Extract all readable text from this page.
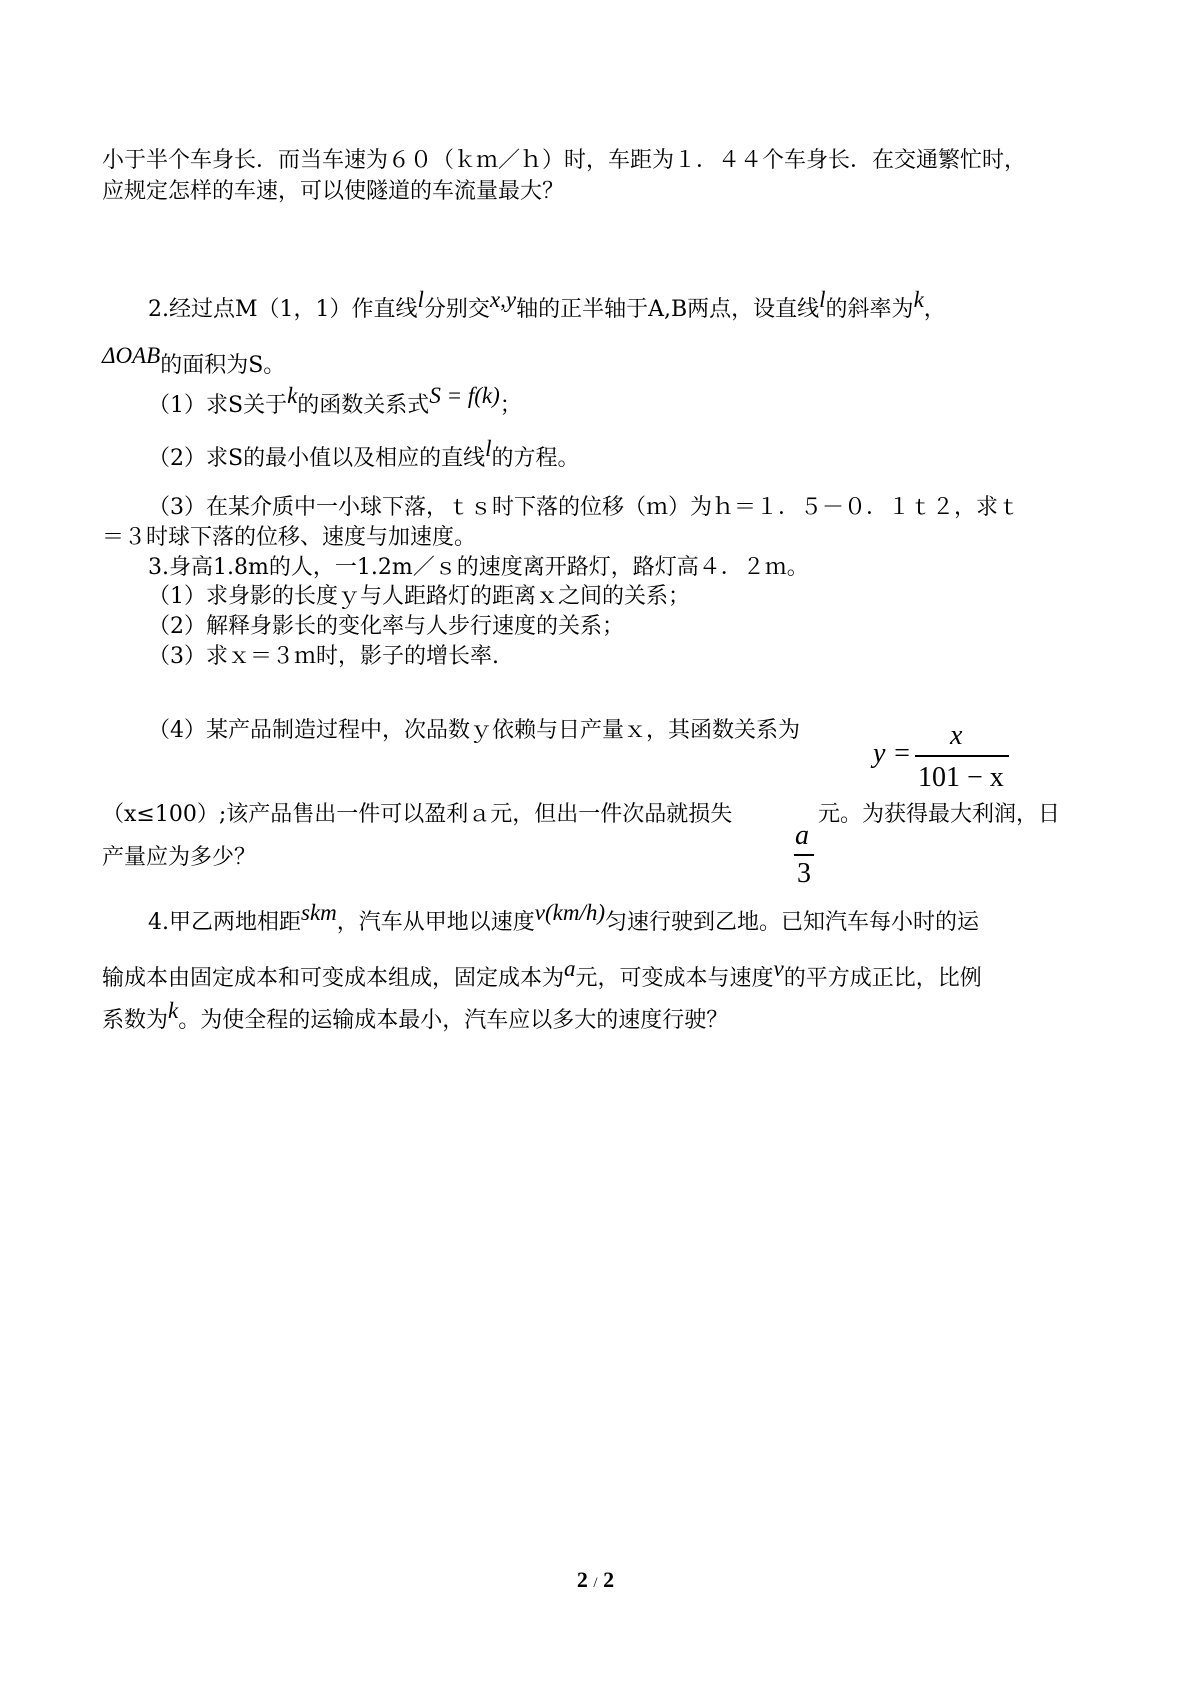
小于半个车身长．而当车速为６０（ｋｍ／ｈ）时，车距为１．４４个车身长．在交通繁忙时，
应规定怎样的车速，可以使隧道的车流量最大？
2.经过点M（1，1）作直线l分别交x,y轴的正半轴于A,B两点，设直线l的斜率为k，
ΔOAB的面积为S。
（1）求S关于k的函数关系式S = f(k)；
（2）求S的最小值以及相应的直线l的方程。
（3）在某介质中一小球下落，ｔｓ时下落的位移（ｍ）为ｈ＝１．５－０．１ｔ２，求ｔ
＝３时球下落的位移、速度与加速度。
3.身高1.8m的人，一1.2m／ｓ的速度离开路灯，路灯高４．２ｍ。
（1）求身影的长度ｙ与人距路灯的距离ｘ之间的关系；
（2）解释身影长的变化率与人步行速度的关系；
（3）求ｘ＝３ｍ时，影子的增长率.
（4）某产品制造过程中，次品数ｙ依赖与日产量ｘ，其函数关系为
y =
x
101 − x
（x≤100）;该产品售出一件可以盈利ａ元，但出一件次品就损失
a
3
元。为获得最大利润，日
产量应为多少？
4.甲乙两地相距skm，汽车从甲地以速度v(km/h)匀速行驶到乙地。已知汽车每小时的运
输成本由固定成本和可变成本组成，固定成本为a元，可变成本与速度v的平方成正比，比例
系数为k。为使全程的运输成本最小，汽车应以多大的速度行驶？
2 / 2
